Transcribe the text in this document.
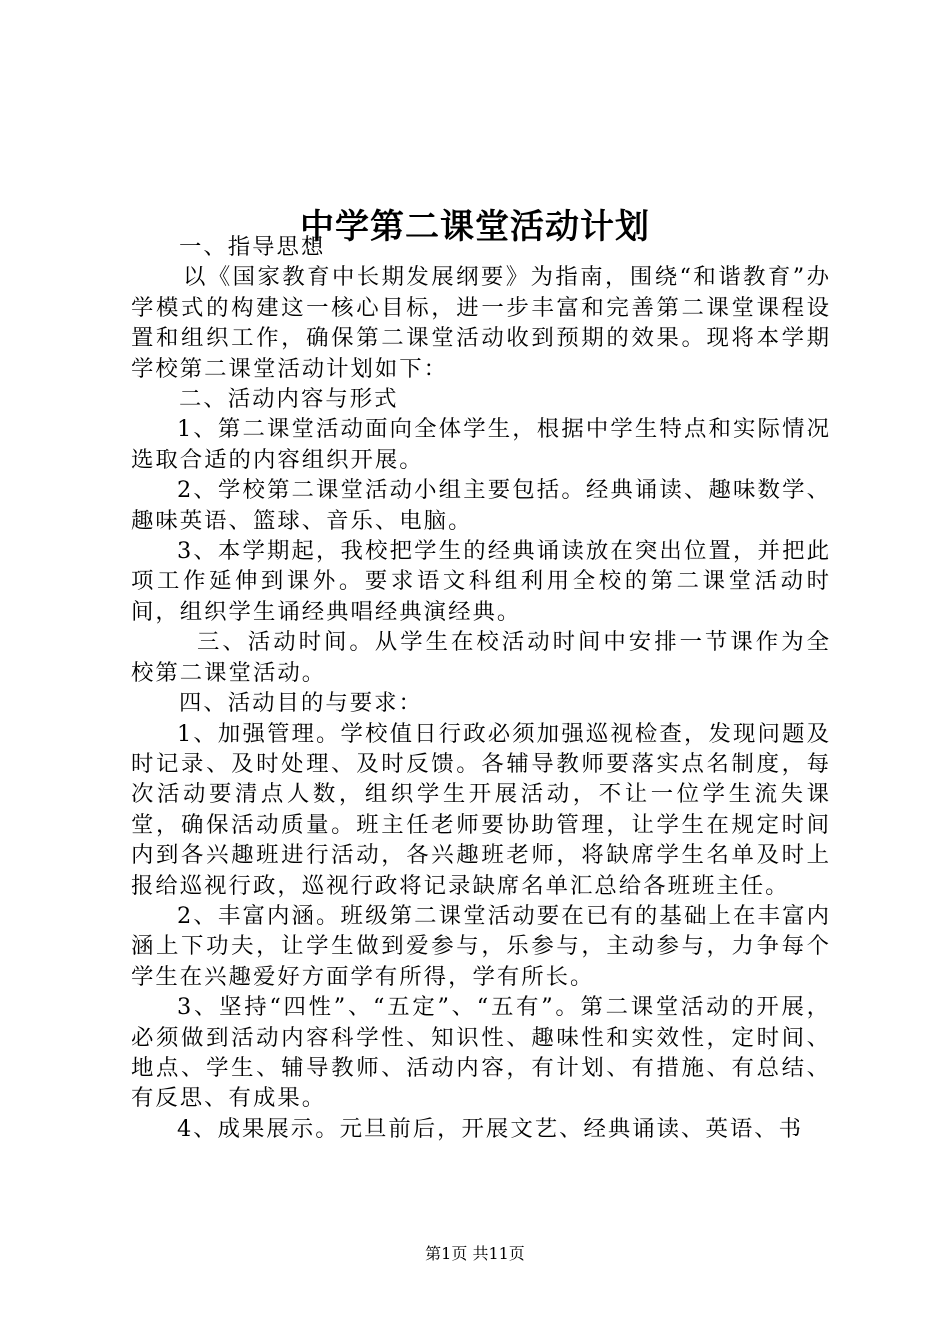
中学第二课堂活动计划

一、指导思想

以《国家教育中长期发展纲要》为指南，围绕“和谐教育”办学模式的构建这一核心目标，进一步丰富和完善第二课堂课程设置和组织工作，确保第二课堂活动收到预期的效果。现将本学期学校第二课堂活动计划如下：

二、活动内容与形式

1、第二课堂活动面向全体学生，根据中学生特点和实际情况选取合适的内容组织开展。

2、学校第二课堂活动小组主要包括。经典诵读、趣味数学、趣味英语、篮球、音乐、电脑。

3、本学期起，我校把学生的经典诵读放在突出位置，并把此项工作延伸到课外。要求语文科组利用全校的第二课堂活动时间，组织学生诵经典唱经典演经典。

三、活动时间。从学生在校活动时间中安排一节课作为全校第二课堂活动。

四、活动目的与要求：

1、加强管理。学校值日行政必须加强巡视检查，发现问题及时记录、及时处理、及时反馈。各辅导教师要落实点名制度，每次活动要清点人数，组织学生开展活动，不让一位学生流失课堂，确保活动质量。班主任老师要协助管理，让学生在规定时间内到各兴趣班进行活动，各兴趣班老师，将缺席学生名单及时上报给巡视行政，巡视行政将记录缺席名单汇总给各班班主任。

2、丰富内涵。班级第二课堂活动要在已有的基础上在丰富内涵上下功夫，让学生做到爱参与，乐参与，主动参与，力争每个学生在兴趣爱好方面学有所得，学有所长。

3、坚持“四性”、“五定”、“五有”。第二课堂活动的开展，必须做到活动内容科学性、知识性、趣味性和实效性，定时间、地点、学生、辅导教师、活动内容，有计划、有措施、有总结、有反思、有成果。

4、成果展示。元旦前后，开展文艺、经典诵读、英语、书

第1页 共11页
